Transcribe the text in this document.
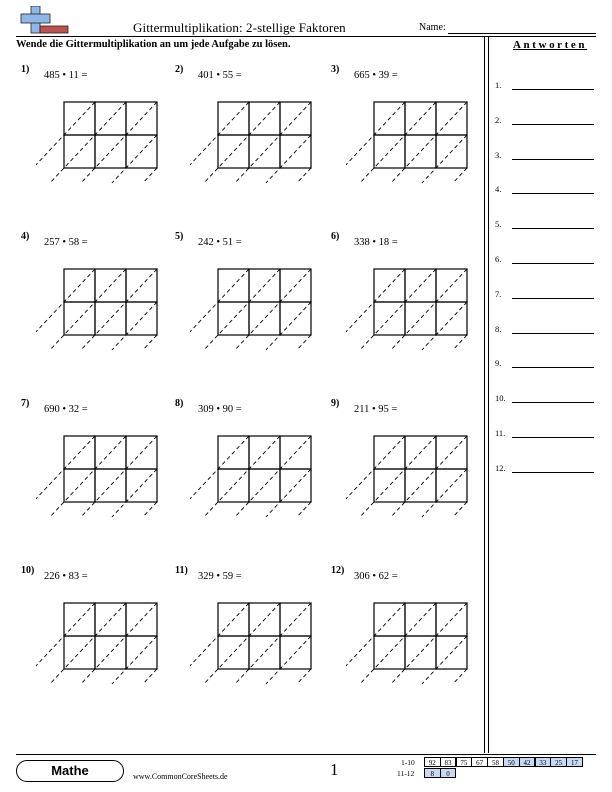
Gittermultiplikation: 2-stellige Faktoren	Name:
Wende die Gittermultiplikation an um jede Aufgabe zu lösen.	Antworten
1.
2.
3.
4.
5.
6.
7.
8.
9.
10.
11.
12.
1)
485 • 11 =
2)
401 • 55 =
3)
665 • 39 =
4)
257 • 58 =
5)
242 • 51 =
6)
338 • 18 =
7)
690 • 32 =
8)
309 • 90 =
9)
211 • 95 =
10)
226 • 83 =
11)
329 • 59 =
12)
306 • 62 =
Mathe	www.CommonCoreSheets.de	1	1-10	92	83	75	67	58	50	42	33	25	17
11-12	8	0
